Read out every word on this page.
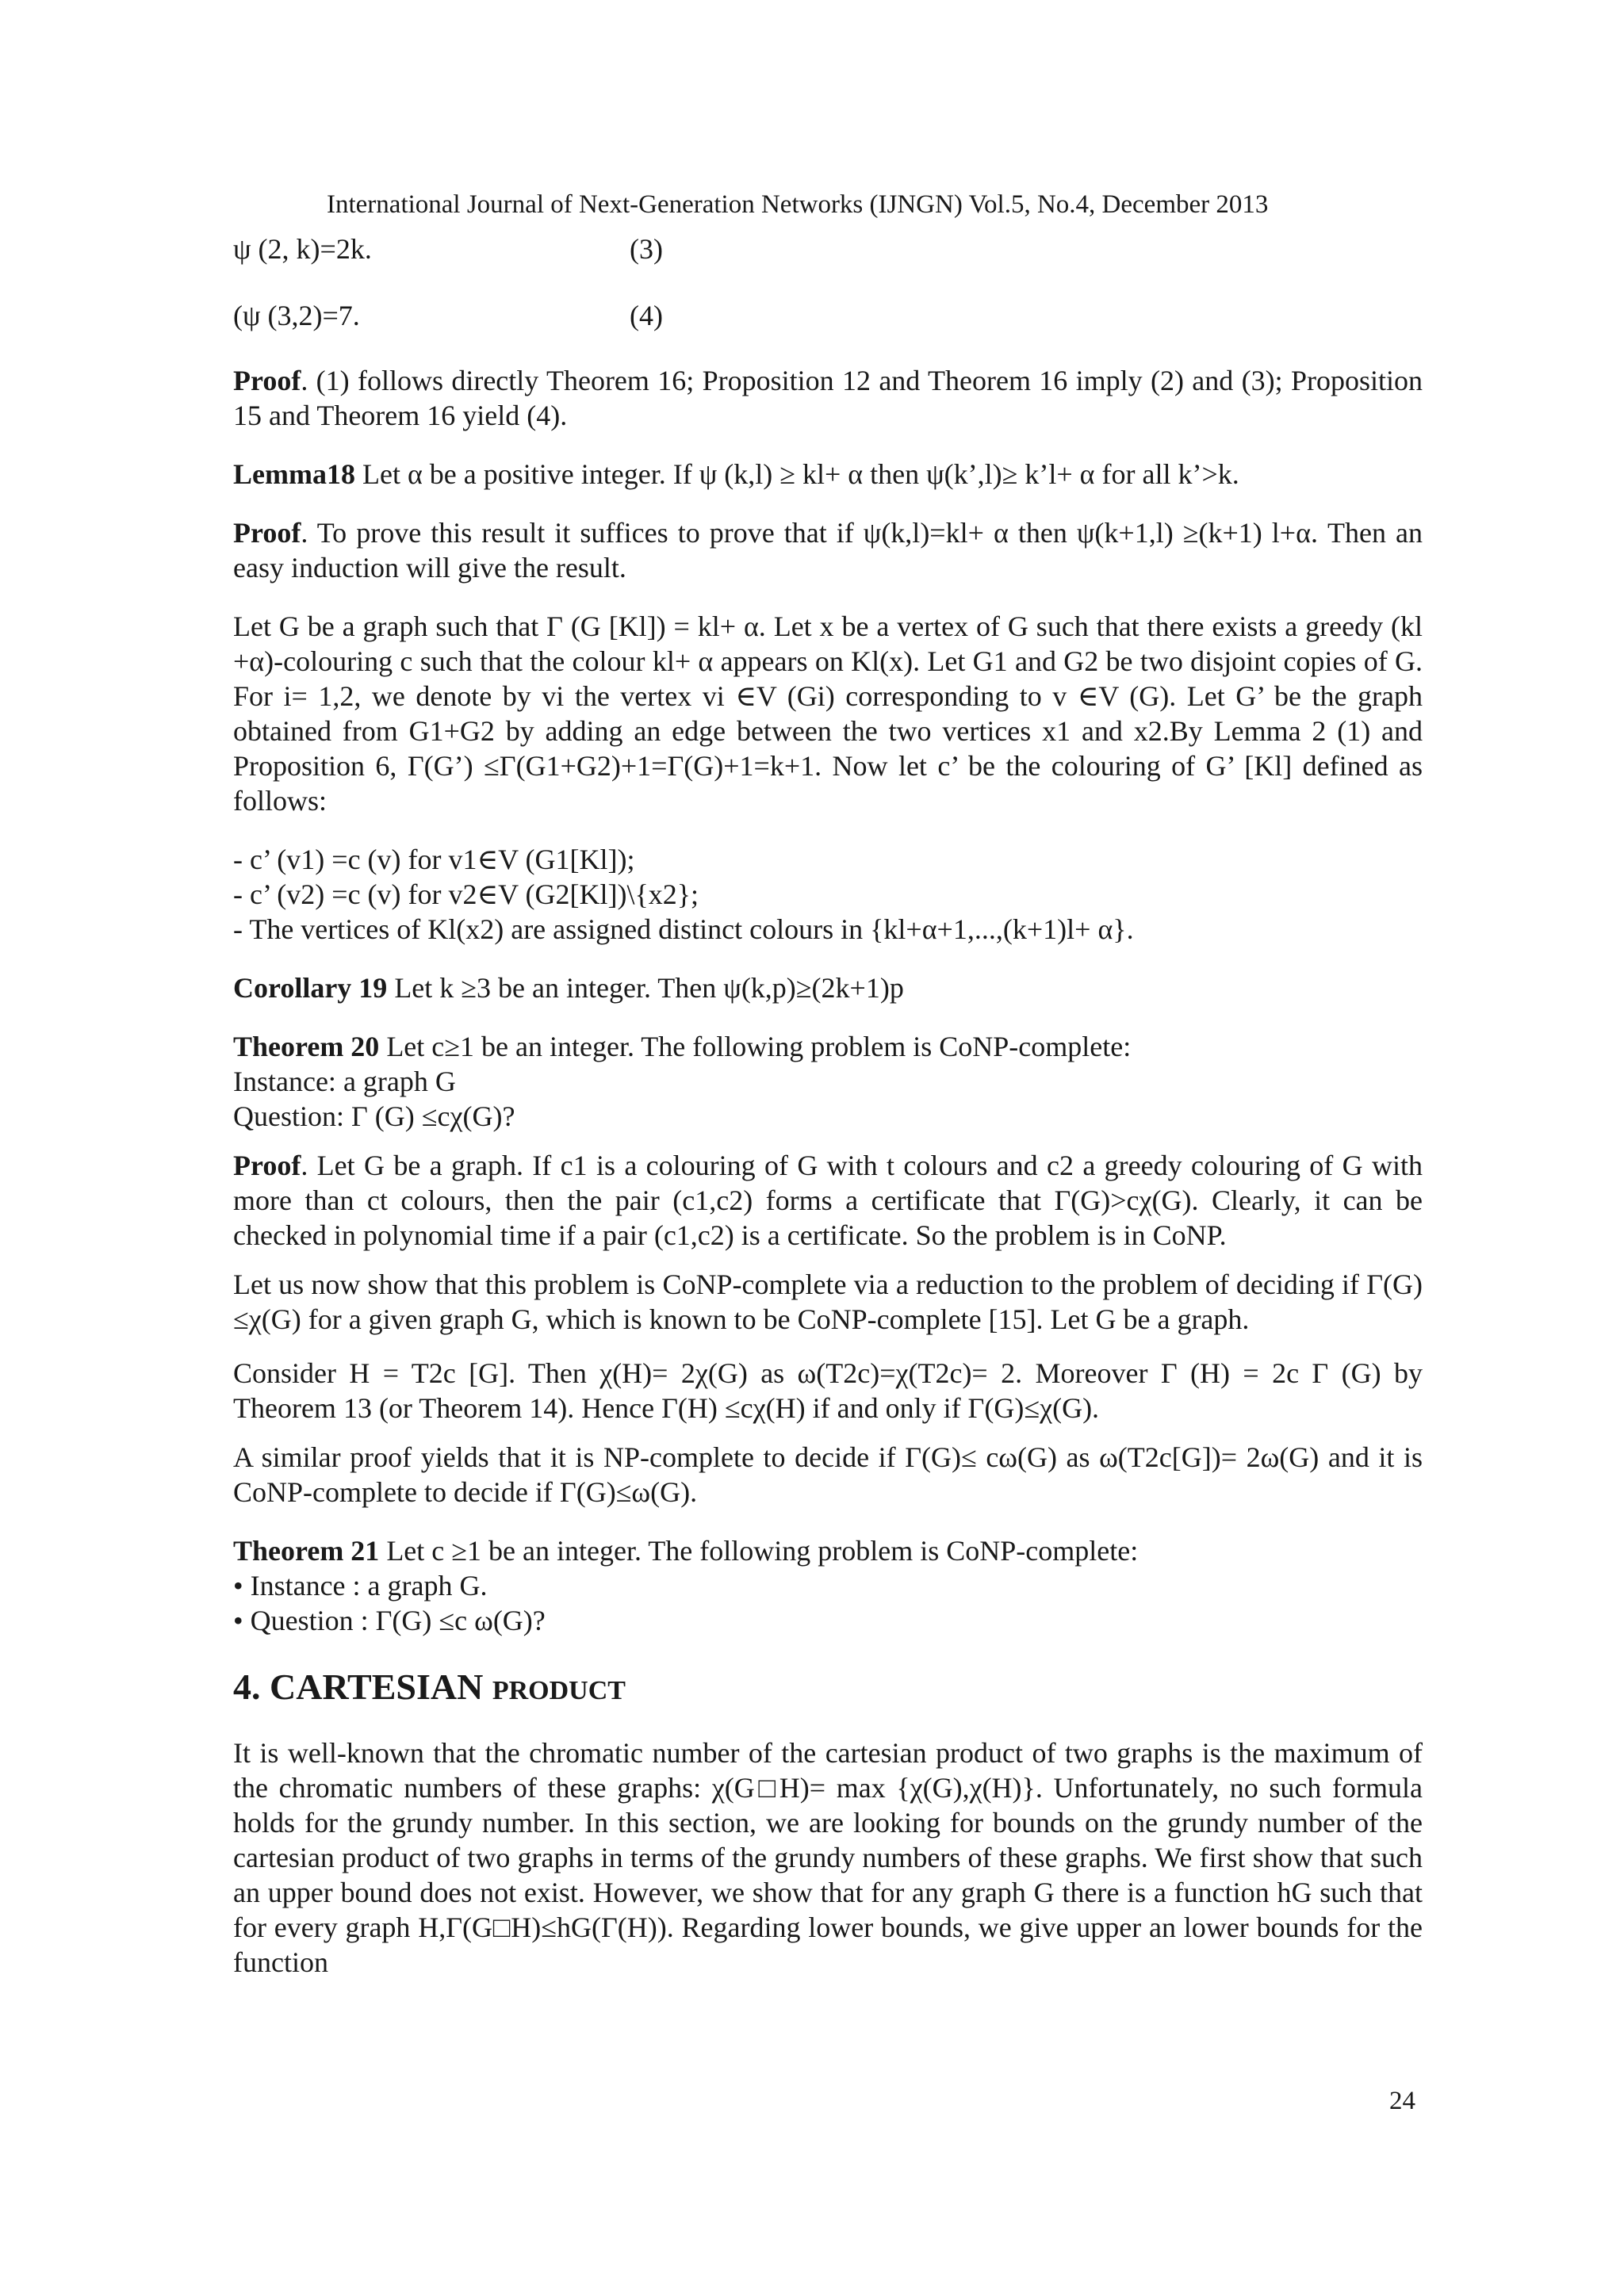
International Journal of Next-Generation Networks (IJNGN) Vol.5, No.4, December 2013
ψ (2, k)=2k.	(3)
(ψ (3,2)=7.	(4)

Proof. (1) follows directly Theorem 16; Proposition 12 and Theorem 16 imply (2) and (3); Proposition 15 and Theorem 16 yield (4).

Lemma18 Let α be a positive integer. If ψ (k,l) ≥ kl+ α then ψ(k’,l)≥ k’l+ α for all k’>k.

Proof. To prove this result it suffices to prove that if ψ(k,l)=kl+ α then ψ(k+1,l) ≥(k+1) l+α. Then an easy induction will give the result.

Let G be a graph such that Γ (G [Kl]) = kl+ α. Let x be a vertex of G such that there exists a greedy (kl +α)-colouring c such that the colour kl+ α appears on Kl(x). Let G1 and G2 be two disjoint copies of G. For i= 1,2, we denote by vi the vertex vi ∈V (Gi) corresponding to v ∈V (G). Let G’ be the graph obtained from G1+G2 by adding an edge between the two vertices x1 and x2.By Lemma 2 (1) and Proposition 6, Γ(G’) ≤Γ(G1+G2)+1=Γ(G)+1=k+1. Now let c’ be the colouring of G’ [Kl] defined as follows:

- c’ (v1) =c (v) for v1∈V (G1[Kl]);
- c’ (v2) =c (v) for v2∈V (G2[Kl])\{x2};
- The vertices of Kl(x2) are assigned distinct colours in {kl+α+1,...,(k+1)l+ α}.

Corollary 19 Let k ≥3 be an integer. Then ψ(k,p)≥(2k+1)p

Theorem 20 Let c≥1 be an integer. The following problem is CoNP-complete:
Instance: a graph G
Question: Γ (G) ≤cχ(G)?

Proof. Let G be a graph. If c1 is a colouring of G with t colours and c2 a greedy colouring of G with more than ct colours, then the pair (c1,c2) forms a certificate that Γ(G)>cχ(G). Clearly, it can be checked in polynomial time if a pair (c1,c2) is a certificate. So the problem is in CoNP.

Let us now show that this problem is CoNP-complete via a reduction to the problem of deciding if Γ(G) ≤χ(G) for a given graph G, which is known to be CoNP-complete [15]. Let G be a graph.

Consider H = T2c [G]. Then χ(H)= 2χ(G) as ω(T2c)=χ(T2c)= 2. Moreover Γ (H) = 2c Γ (G) by Theorem 13 (or Theorem 14). Hence Γ(H) ≤cχ(H) if and only if Γ(G)≤χ(G).

A similar proof yields that it is NP-complete to decide if Γ(G)≤ cω(G) as ω(T2c[G])= 2ω(G) and it is CoNP-complete to decide if Γ(G)≤ω(G).

Theorem 21 Let c ≥1 be an integer. The following problem is CoNP-complete:
• Instance : a graph G.
• Question : Γ(G) ≤c ω(G)?
4. CARTESIAN PRODUCT

It is well-known that the chromatic number of the cartesian product of two graphs is the maximum of the chromatic numbers of these graphs: χ(G□H)= max {χ(G),χ(H)}. Unfortunately, no such formula holds for the grundy number. In this section, we are looking for bounds on the grundy number of the cartesian product of two graphs in terms of the grundy numbers of these graphs. We first show that such an upper bound does not exist. However, we show that for any graph G there is a function hG such that for every graph H,Γ(G□H)≤hG(Γ(H)). Regarding lower bounds, we give upper an lower bounds for the function

24
